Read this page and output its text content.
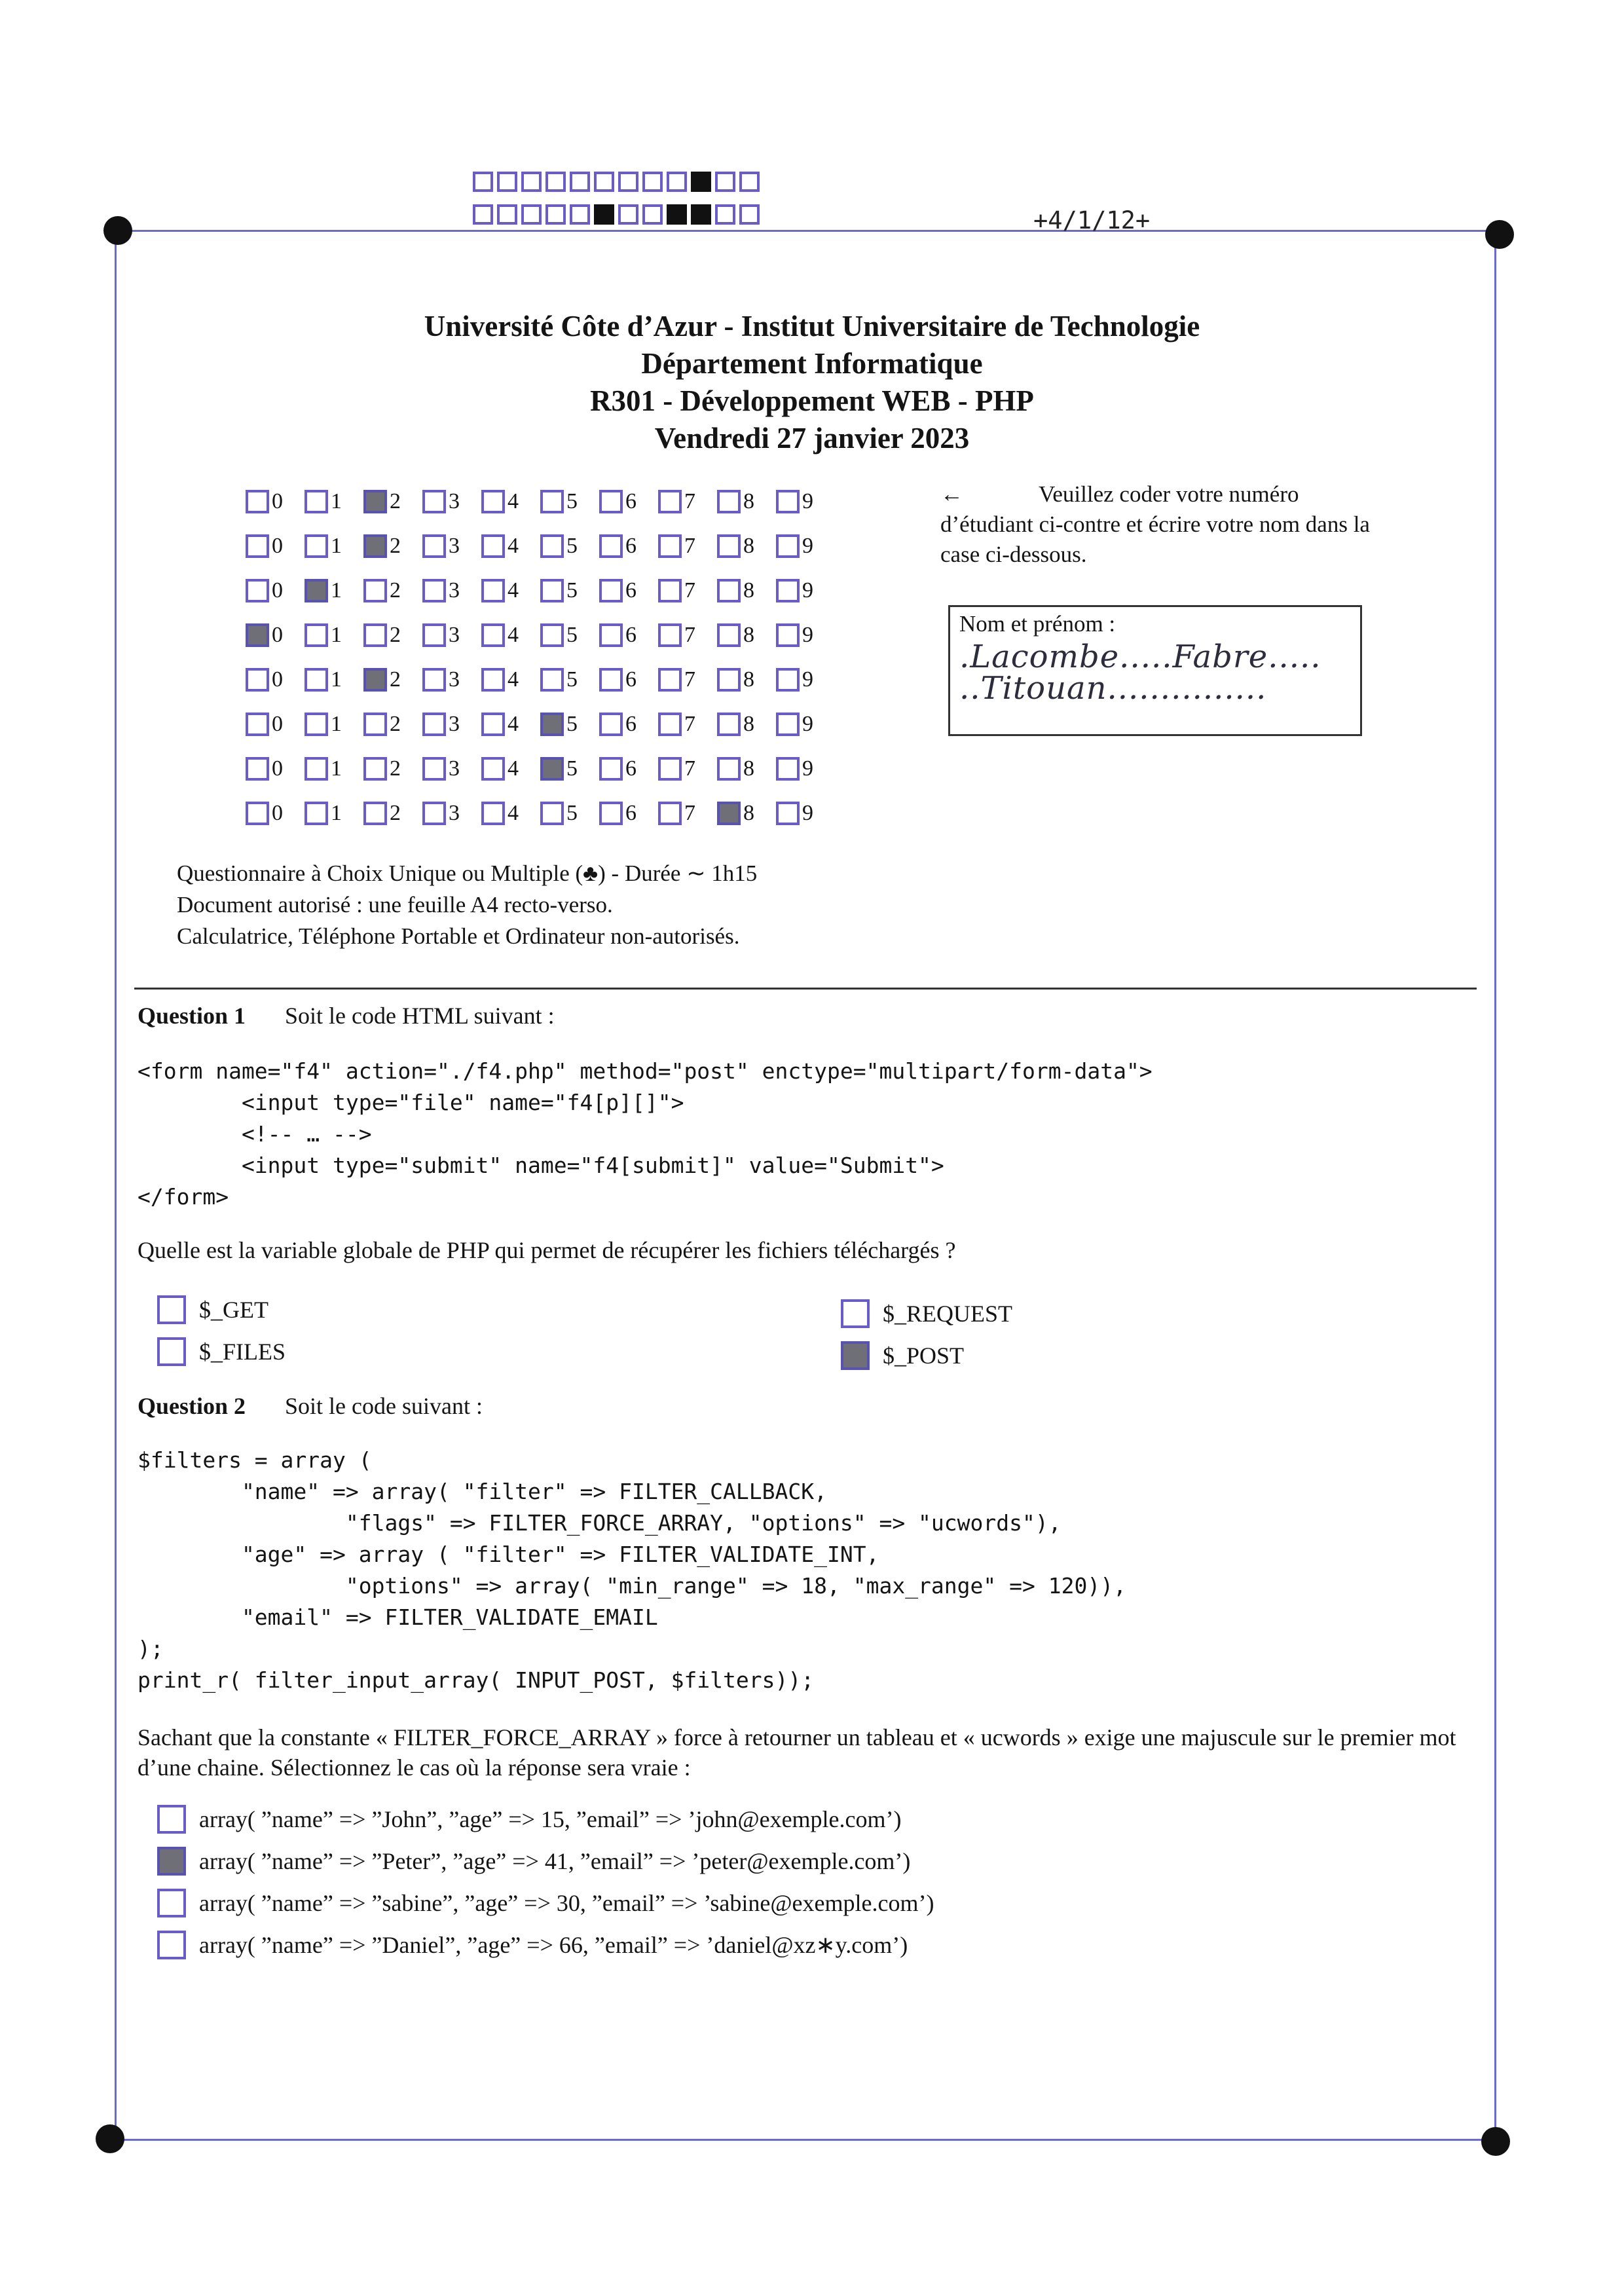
+4/1/12+
Université Côte d’Azur - Institut Universitaire de Technologie
Département Informatique
R301 - Développement WEB - PHP
Vendredi 27 janvier 2023
0 1 2 3 4 5 6 7 8 9
0 1 2 3 4 5 6 7 8 9
0 1 2 3 4 5 6 7 8 9
0 1 2 3 4 5 6 7 8 9
0 1 2 3 4 5 6 7 8 9
0 1 2 3 4 5 6 7 8 9
0 1 2 3 4 5 6 7 8 9
0 1 2 3 4 5 6 7 8 9
←	Veuillez coder votre numéro d’étudiant ci-contre et écrire votre nom dans la case ci-dessous.
Nom et prénom :
.Lacombe.....Fabre.....
..Titouan...............
Questionnaire à Choix Unique ou Multiple (♣) - Durée ∼ 1h15
Document autorisé : une feuille A4 recto-verso.
Calculatrice, Téléphone Portable et Ordinateur non-autorisés.
Question 1 Soit le code HTML suivant :
<form name="f4" action="./f4.php" method="post" enctype="multipart/form-data">
<input type="file" name="f4[p][]">
<!-- … -->
<input type="submit" name="f4[submit]" value="Submit">
</form>
Quelle est la variable globale de PHP qui permet de récupérer les fichiers téléchargés ?
$_GET
$_FILES
$_REQUEST
$_POST
Question 2 Soit le code suivant :
$filters = array (
"name" => array( "filter" => FILTER_CALLBACK,
"flags" => FILTER_FORCE_ARRAY, "options" => "ucwords"),
"age" => array ( "filter" => FILTER_VALIDATE_INT,
"options" => array( "min_range" => 18, "max_range" => 120)),
"email" => FILTER_VALIDATE_EMAIL
);
print_r( filter_input_array( INPUT_POST, $filters));
Sachant que la constante « FILTER_FORCE_ARRAY » force à retourner un tableau et « ucwords » exige une majuscule sur le premier mot d’une chaine. Sélectionnez le cas où la réponse sera vraie :
array( ”name” => ”John”, ”age” => 15, ”email” => ’john@exemple.com’)
array( ”name” => ”Peter”, ”age” => 41, ”email” => ’peter@exemple.com’)
array( ”name” => ”sabine”, ”age” => 30, ”email” => ’sabine@exemple.com’)
array( ”name” => ”Daniel”, ”age” => 66, ”email” => ’daniel@xz∗y.com’)
